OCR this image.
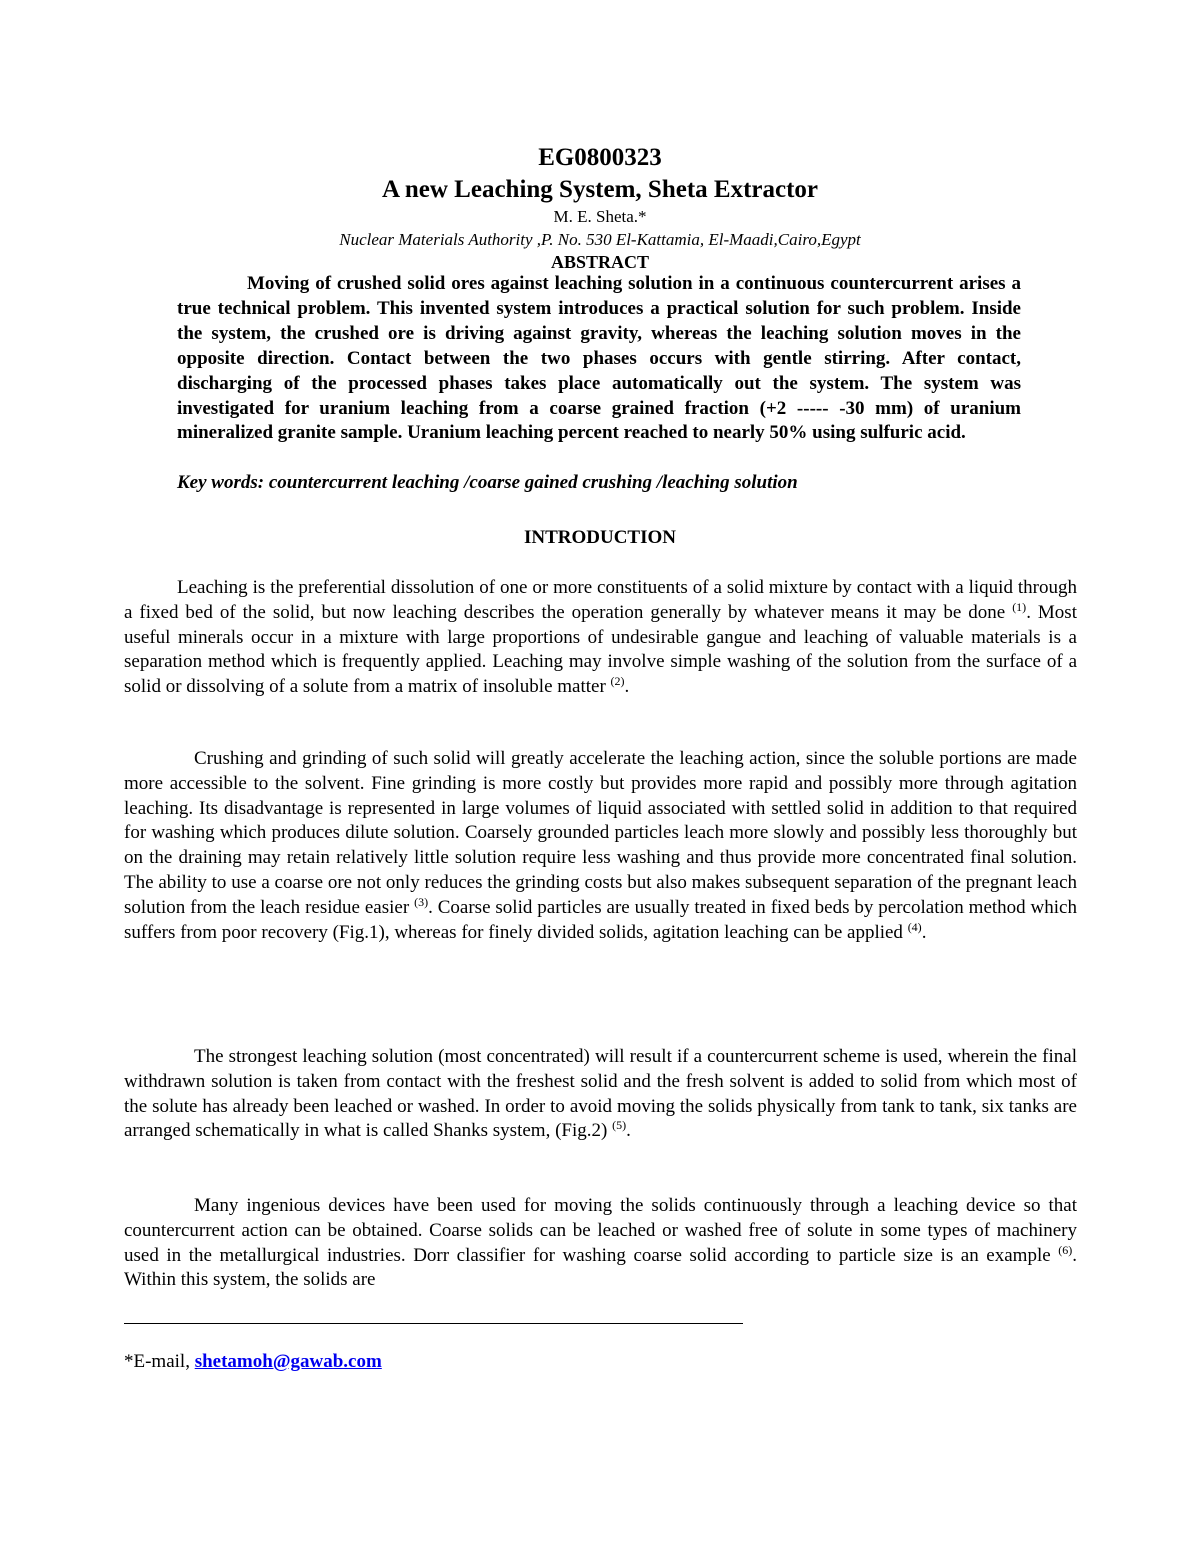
EG0800323
A new Leaching System, Sheta Extractor
M. E. Sheta.*
Nuclear Materials Authority ,P. No. 530 El-Kattamia, El-Maadi,Cairo,Egypt
ABSTRACT

Moving of crushed solid ores against leaching solution in a continuous countercurrent arises a true technical problem. This invented system introduces a practical solution for such problem. Inside the system, the crushed ore is driving against gravity, whereas the leaching solution moves in the opposite direction. Contact between the two phases occurs with gentle stirring. After contact, discharging of the processed phases takes place automatically out the system. The system was investigated for uranium leaching from a coarse grained fraction (+2 ----- -30 mm) of uranium mineralized granite sample. Uranium leaching percent reached to nearly 50% using sulfuric acid.

Key words: countercurrent leaching /coarse gained crushing /leaching solution

INTRODUCTION

Leaching is the preferential dissolution of one or more constituents of a solid mixture by contact with a liquid through a fixed bed of the solid, but now leaching describes the operation generally by whatever means it may be done $^{(1)}$. Most useful minerals occur in a mixture with large proportions of undesirable gangue and leaching of valuable materials is a separation method which is frequently applied. Leaching may involve simple washing of the solution from the surface of a solid or dissolving of a solute from a matrix of insoluble matter $^{(2)}$.

Crushing and grinding of such solid will greatly accelerate the leaching action, since the soluble portions are made more accessible to the solvent. Fine grinding is more costly but provides more rapid and possibly more through agitation leaching. Its disadvantage is represented in large volumes of liquid associated with settled solid in addition to that required for washing which produces dilute solution. Coarsely grounded particles leach more slowly and possibly less thoroughly but on the draining may retain relatively little solution require less washing and thus provide more concentrated final solution. The ability to use a coarse ore not only reduces the grinding costs but also makes subsequent separation of the pregnant leach solution from the leach residue easier $^{(3)}$. Coarse solid particles are usually treated in fixed beds by percolation method which suffers from poor recovery (Fig.1), whereas for finely divided solids, agitation leaching can be applied $^{(4)}$.

The strongest leaching solution (most concentrated) will result if a countercurrent scheme is used, wherein the final withdrawn solution is taken from contact with the freshest solid and the fresh solvent is added to solid from which most of the solute has already been leached or washed. In order to avoid moving the solids physically from tank to tank, six tanks are arranged schematically in what is called Shanks system, (Fig.2) $^{(5)}$.

Many ingenious devices have been used for moving the solids continuously through a leaching device so that countercurrent action can be obtained. Coarse solids can be leached or washed free of solute in some types of machinery used in the metallurgical industries. Dorr classifier for washing coarse solid according to particle size is an example $^{(6)}$. Within this system, the solids are

*E-mail, shetamoh@gawab.com
